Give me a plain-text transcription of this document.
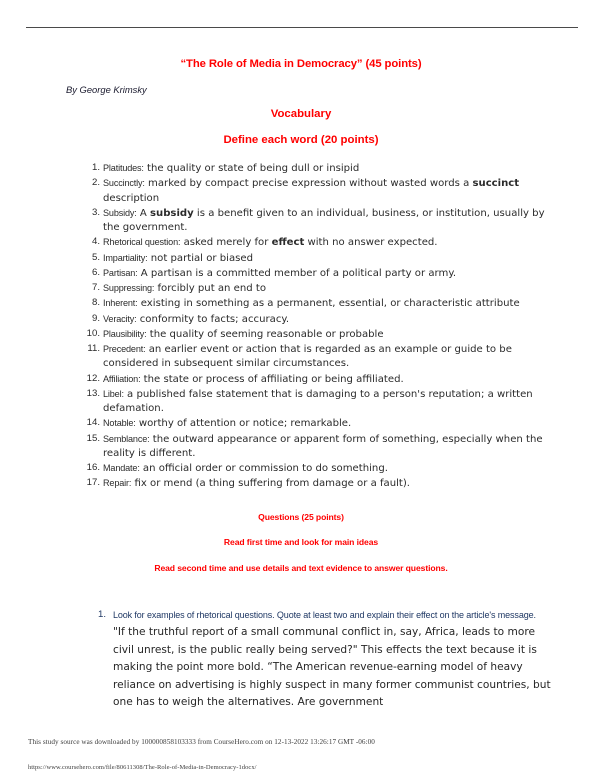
“The Role of Media in Democracy” (45 points)
By George Krimsky
Vocabulary
Define each word (20 points)
1. Platitudes: the quality or state of being dull or insipid
2. Succinctly: marked by compact precise expression without wasted words a succinct description
3. Subsidy: A subsidy is a benefit given to an individual, business, or institution, usually by the government.
4. Rhetorical question: asked merely for effect with no answer expected.
5. Impartiality: not partial or biased
6. Partisan: A partisan is a committed member of a political party or army.
7. Suppressing: forcibly put an end to
8. Inherent: existing in something as a permanent, essential, or characteristic attribute
9. Veracity: conformity to facts; accuracy.
10. Plausibility: the quality of seeming reasonable or probable
11. Precedent: an earlier event or action that is regarded as an example or guide to be considered in subsequent similar circumstances.
12. Affiliation: the state or process of affiliating or being affiliated.
13. Libel: a published false statement that is damaging to a person's reputation; a written defamation.
14. Notable: worthy of attention or notice; remarkable.
15. Semblance: the outward appearance or apparent form of something, especially when the reality is different.
16. Mandate: an official order or commission to do something.
17. Repair: fix or mend (a thing suffering from damage or a fault).
Questions (25 points)
Read first time and look for main ideas
Read second time and use details and text evidence to answer questions.
1. Look for examples of rhetorical questions. Quote at least two and explain their effect on the article's message.

"If the truthful report of a small communal conflict in, say, Africa, leads to more civil unrest, is the public really being served?" This effects the text because it is making the point more bold. “The American revenue-earning model of heavy reliance on advertising is highly suspect in many former communist countries, but one has to weigh the alternatives. Are government

This study source was downloaded by 100000858103333 from CourseHero.com on 12-13-2022 13:26:17 GMT -06:00
https://www.coursehero.com/file/80611308/The-Role-of-Media-in-Democracy-1docx/
